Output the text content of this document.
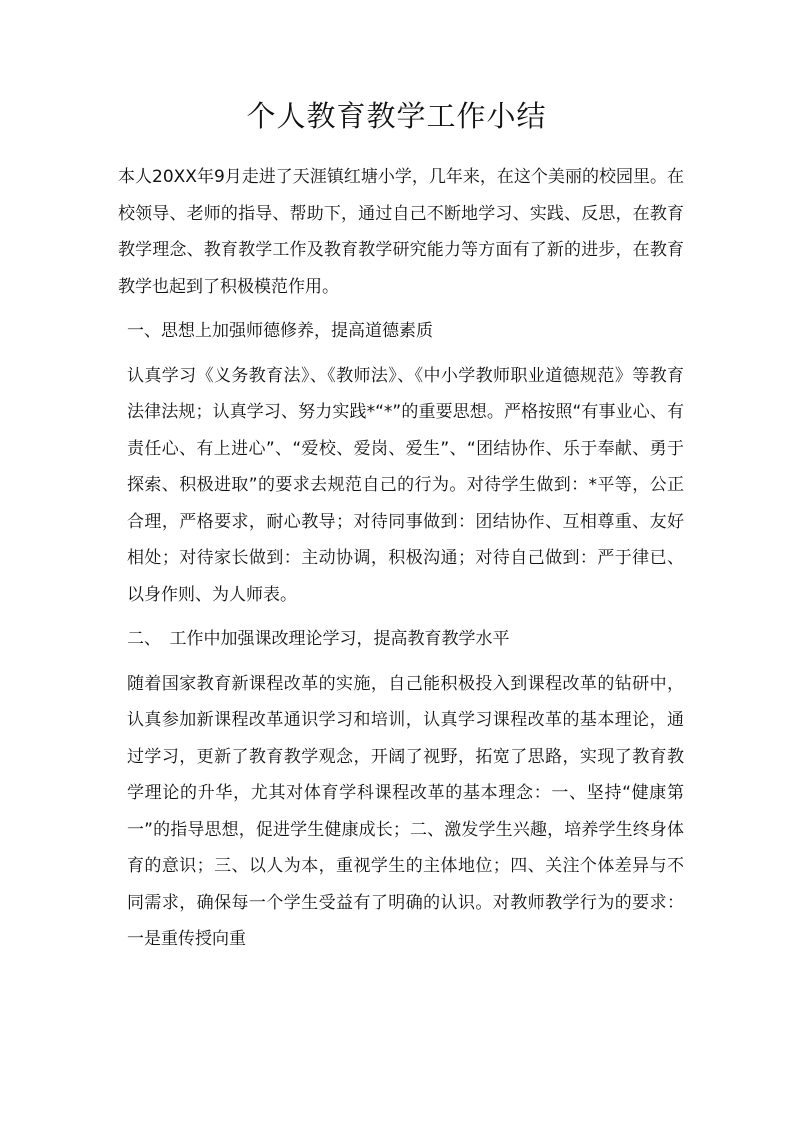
个人教育教学工作小结

本人20XX年9月走进了天涯镇红塘小学，几年来，在这个美丽的校园里。在校领导、老师的指导、帮助下，通过自己不断地学习、实践、反思，在教育教学理念、教育教学工作及教育教学研究能力等方面有了新的进步，在教育教学也起到了积极模范作用。

一、思想上加强师德修养，提高道德素质

认真学习《义务教育法》、《教师法》、《中小学教师职业道德规范》等教育法律法规；认真学习、努力实践*“*”的重要思想。严格按照“有事业心、有责任心、有上进心”、“爱校、爱岗、爱生”、“团结协作、乐于奉献、勇于探索、积极进取”的要求去规范自己的行为。对待学生做到：*平等，公正合理，严格要求，耐心教导；对待同事做到：团结协作、互相尊重、友好相处；对待家长做到：主动协调，积极沟通；对待自己做到：严于律已、以身作则、为人师表。

二、　工作中加强课改理论学习，提高教育教学水平

随着国家教育新课程改革的实施，自己能积极投入到课程改革的钻研中，认真参加新课程改革通识学习和培训，认真学习课程改革的基本理论，通过学习，更新了教育教学观念，开阔了视野，拓宽了思路，实现了教育教学理论的升华，尤其对体育学科课程改革的基本理念：一、坚持“健康第一”的指导思想，促进学生健康成长；二、激发学生兴趣，培养学生终身体育的意识；三、以人为本，重视学生的主体地位；四、关注个体差异与不同需求，确保每一个学生受益有了明确的认识。对教师教学行为的要求：一是重传授向重
